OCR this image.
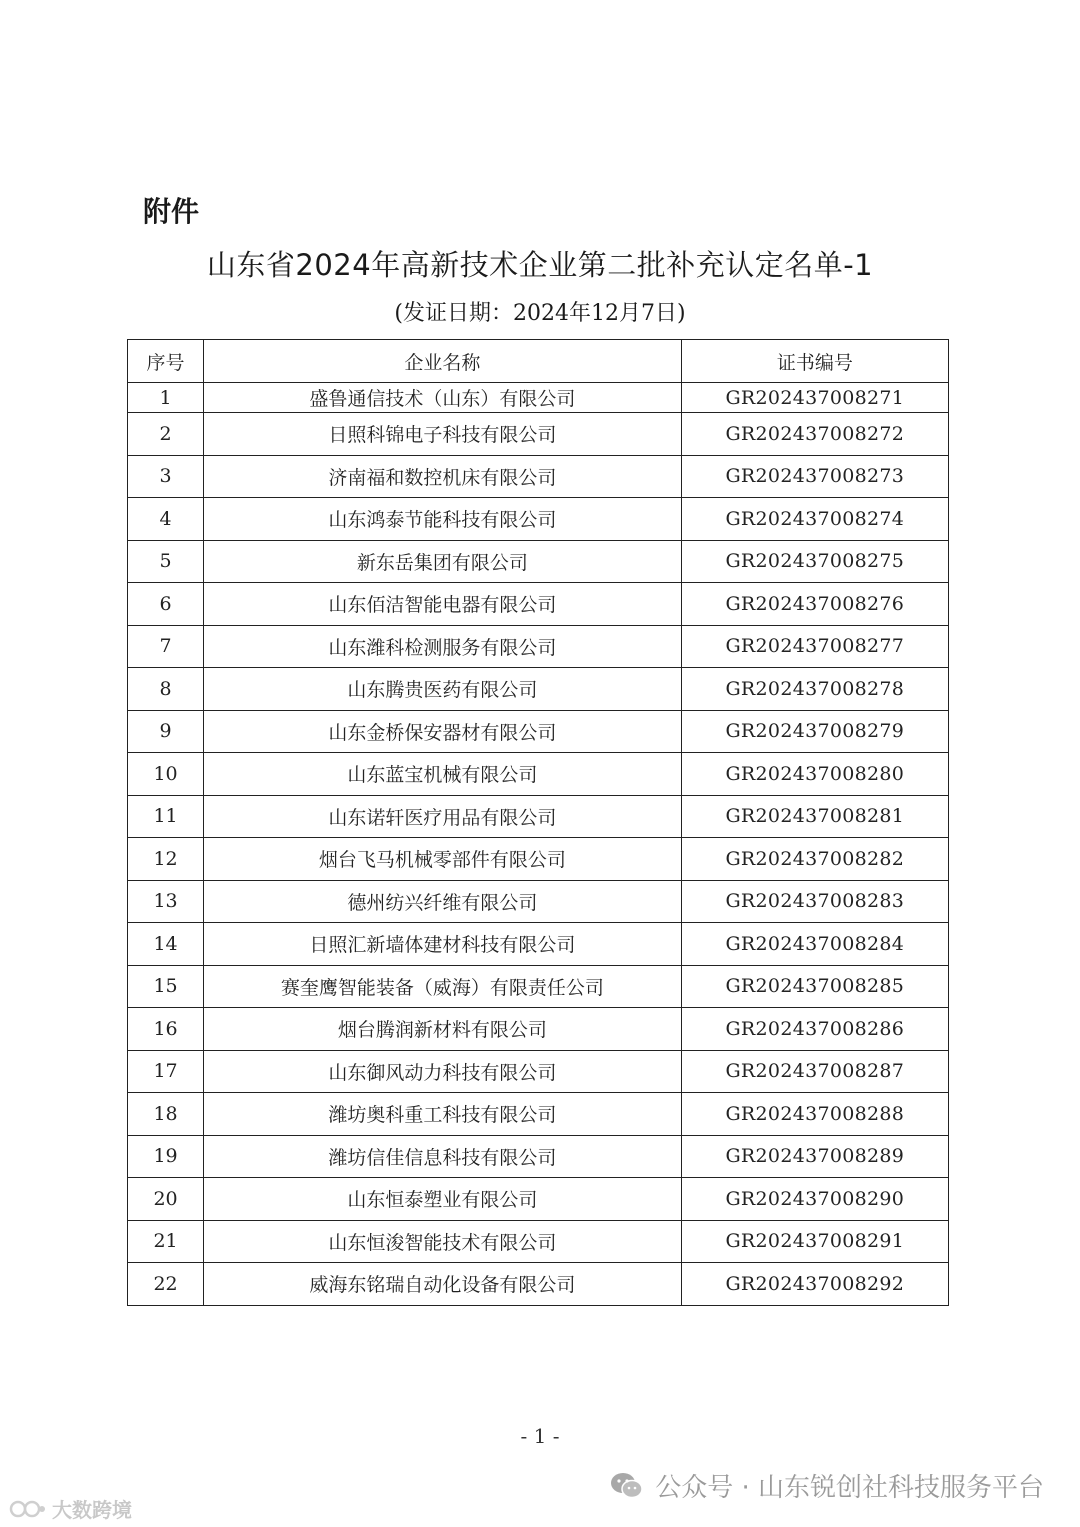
附件
山东省2024年高新技术企业第二批补充认定名单-1
(发证日期：2024年12月7日)
序号	企业名称	证书编号
1	盛鲁通信技术（山东）有限公司	GR202437008271
2	日照科锦电子科技有限公司	GR202437008272
3	济南福和数控机床有限公司	GR202437008273
4	山东鸿泰节能科技有限公司	GR202437008274
5	新东岳集团有限公司	GR202437008275
6	山东佰洁智能电器有限公司	GR202437008276
7	山东潍科检测服务有限公司	GR202437008277
8	山东腾贵医药有限公司	GR202437008278
9	山东金桥保安器材有限公司	GR202437008279
10	山东蓝宝机械有限公司	GR202437008280
11	山东诺轩医疗用品有限公司	GR202437008281
12	烟台飞马机械零部件有限公司	GR202437008282
13	德州纺兴纤维有限公司	GR202437008283
14	日照汇新墙体建材科技有限公司	GR202437008284
15	赛奎鹰智能装备（威海）有限责任公司	GR202437008285
16	烟台腾润新材料有限公司	GR202437008286
17	山东御风动力科技有限公司	GR202437008287
18	潍坊奥科重工科技有限公司	GR202437008288
19	潍坊信佳信息科技有限公司	GR202437008289
20	山东恒泰塑业有限公司	GR202437008290
21	山东恒浚智能技术有限公司	GR202437008291
22	威海东铭瑞自动化设备有限公司	GR202437008292
- 1 -
公众号 · 山东锐创社科技服务平台
大数跨境
